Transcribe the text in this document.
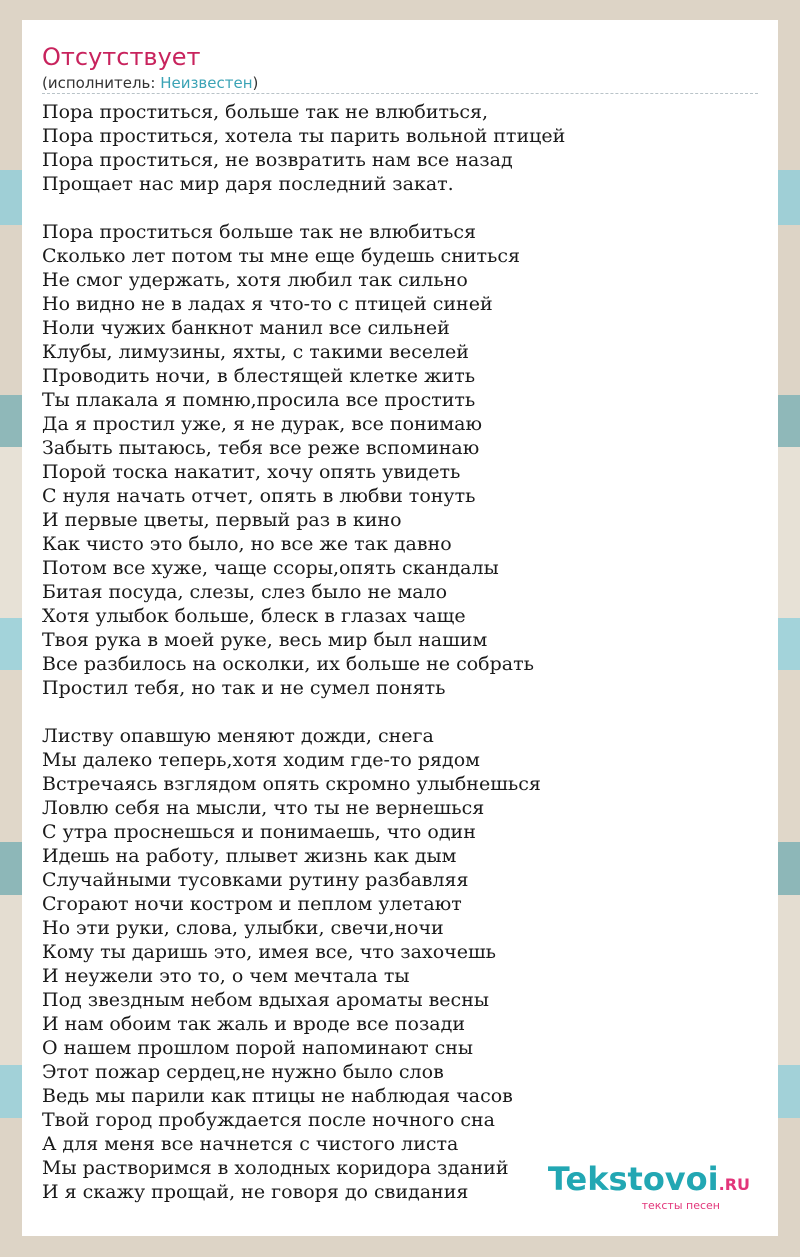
Отсутствует
(исполнитель: Неизвестен)
Пора проститься, больше так не влюбиться,
Пора проститься, хотела ты парить вольной птицей
Пора проститься, не возвратить нам все назад
Прощает нас мир даря последний закат.
Пора проститься больше так не влюбиться
Сколько лет потом ты мне еще будешь сниться
Не смог удержать, хотя любил так сильно
Но видно не в ладах я что-то с птицей синей
Ноли чужих банкнот манил все сильней
Клубы, лимузины, яхты, с такими веселей
Проводить ночи, в блестящей клетке жить
Ты плакала я помню,просила все простить
Да я простил уже, я не дурак, все понимаю
Забыть пытаюсь, тебя все реже вспоминаю
Порой тоска накатит, хочу опять увидеть
С нуля начать отчет, опять в любви тонуть
И первые цветы, первый раз в кино
Как чисто это было, но все же так давно
Потом все хуже, чаще ссоры,опять скандалы
Битая посуда, слезы, слез было не мало
Хотя улыбок больше, блеск в глазах чаще
Твоя рука в моей руке, весь мир был нашим
Все разбилось на осколки, их больше не собрать
Простил тебя, но так и не сумел понять
Листву опавшую меняют дожди, снега
Мы далеко теперь,хотя ходим где-то рядом
Встречаясь взглядом опять скромно улыбнешься
Ловлю себя на мысли, что ты не вернешься
С утра проснешься и понимаешь, что один
Идешь на работу, плывет жизнь как дым
Случайными тусовками рутину разбавляя
Сгорают ночи костром и пеплом улетают
Но эти руки, слова, улыбки, свечи,ночи
Кому ты даришь это, имея все, что захочешь
И неужели это то, о чем мечтала ты
Под звездным небом вдыхая ароматы весны
И нам обоим так жаль и вроде все позади
О нашем прошлом порой напоминают сны
Этот пожар сердец,не нужно было слов
Ведь мы парили как птицы не наблюдая часов
Твой город пробуждается после ночного сна
А для меня все начнется с чистого листа
Мы растворимся в холодных коридора зданий
И я скажу прощай, не говоря до свидания	Tekstovoi.RU
тексты песен
